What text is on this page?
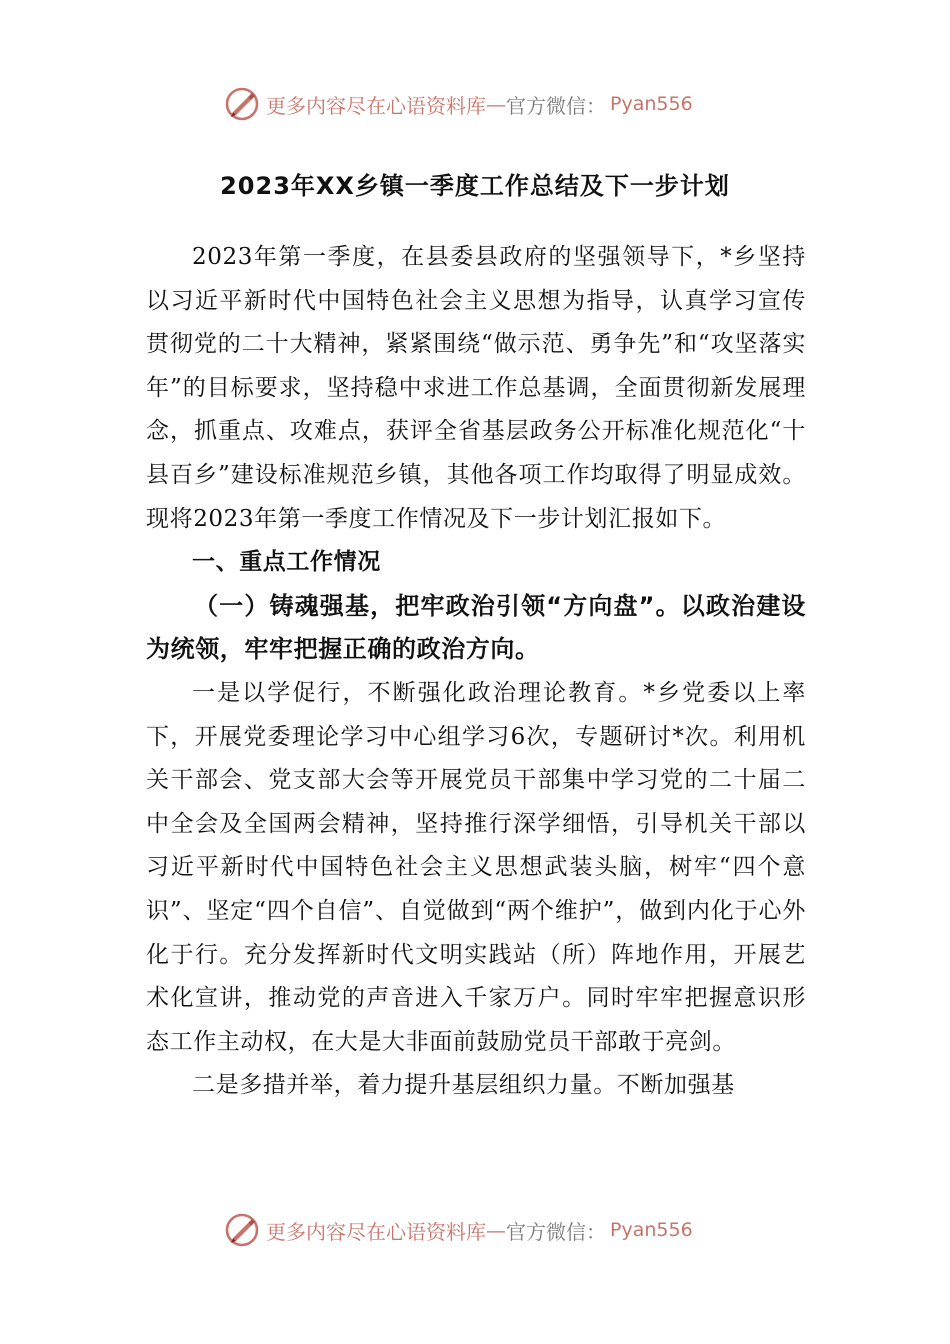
更多内容尽在心语资料库 — 官方微信： Pyan556
2023年XX乡镇一季度工作总结及下一步计划

2023年第一季度，在县委县政府的坚强领导下，*乡坚持以习近平新时代中国特色社会主义思想为指导，认真学习宣传贯彻党的二十大精神，紧紧围绕“做示范、勇争先”和“攻坚落实年”的目标要求，坚持稳中求进工作总基调，全面贯彻新发展理念，抓重点、攻难点，获评全省基层政务公开标准化规范化“十县百乡”建设标准规范乡镇，其他各项工作均取得了明显成效。现将2023年第一季度工作情况及下一步计划汇报如下。

一、重点工作情况

（一）铸魂强基，把牢政治引领“方向盘”。以政治建设为统领，牢牢把握正确的政治方向。

一是以学促行，不断强化政治理论教育。*乡党委以上率下，开展党委理论学习中心组学习6次，专题研讨*次。利用机关干部会、党支部大会等开展党员干部集中学习党的二十届二中全会及全国两会精神，坚持推行深学细悟，引导机关干部以习近平新时代中国特色社会主义思想武装头脑，树牢“四个意识”、坚定“四个自信”、自觉做到“两个维护”，做到内化于心外化于行。充分发挥新时代文明实践站（所）阵地作用，开展艺术化宣讲，推动党的声音进入千家万户。同时牢牢把握意识形态工作主动权，在大是大非面前鼓励党员干部敢于亮剑。

二是多措并举，着力提升基层组织力量。不断加强基

更多内容尽在心语资料库 — 官方微信： Pyan556
